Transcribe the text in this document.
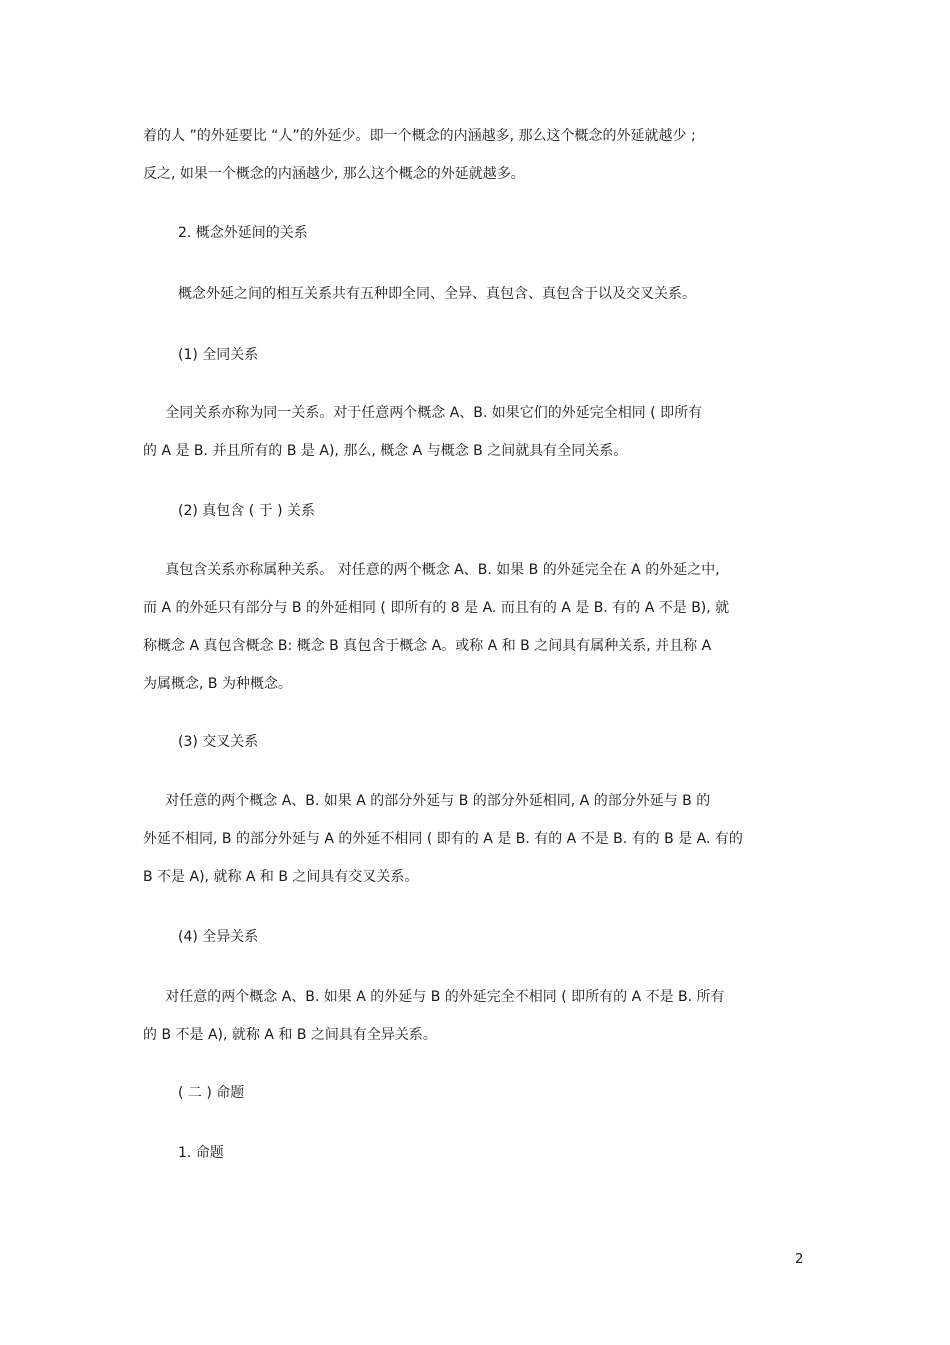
2
着的人 ”的外延要比 “人”的外延少。即一个概念的内涵越多, 那么这个概念的外延就越少 ;
反之, 如果一个概念的内涵越少, 那么这个概念的外延就越多。
2. 概念外延间的关系
概念外延之间的相互关系共有五种即全同、全异、真包含、真包含于以及交叉关系。
(1) 全同关系
全同关系亦称为同一关系。对于任意两个概念 A、B. 如果它们的外延完全相同 ( 即所有
的 A 是 B. 并且所有的 B 是 A), 那么, 概念 A 与概念 B 之间就具有全同关系。
(2) 真包含 ( 于 ) 关系
真包含关系亦称属种关系。 对任意的两个概念 A、B. 如果 B 的外延完全在 A 的外延之中,
而 A 的外延只有部分与 B 的外延相同 ( 即所有的 8 是 A. 而且有的 A 是 B. 有的 A 不是 B), 就
称概念 A 真包含概念 B: 概念 B 真包含于概念 A。或称 A 和 B 之间具有属种关系, 并且称 A
为属概念, B 为种概念。
(3) 交叉关系
对任意的两个概念 A、B. 如果 A 的部分外延与 B 的部分外延相同, A 的部分外延与 B 的
外延不相同, B 的部分外延与 A 的外延不相同 ( 即有的 A 是 B. 有的 A 不是 B. 有的 B 是 A. 有的
B 不是 A), 就称 A 和 B 之间具有交叉关系。
(4) 全异关系
对任意的两个概念 A、B. 如果 A 的外延与 B 的外延完全不相同 ( 即所有的 A 不是 B. 所有
的 B 不是 A), 就称 A 和 B 之间具有全异关系。
( 二 ) 命题
1. 命题
